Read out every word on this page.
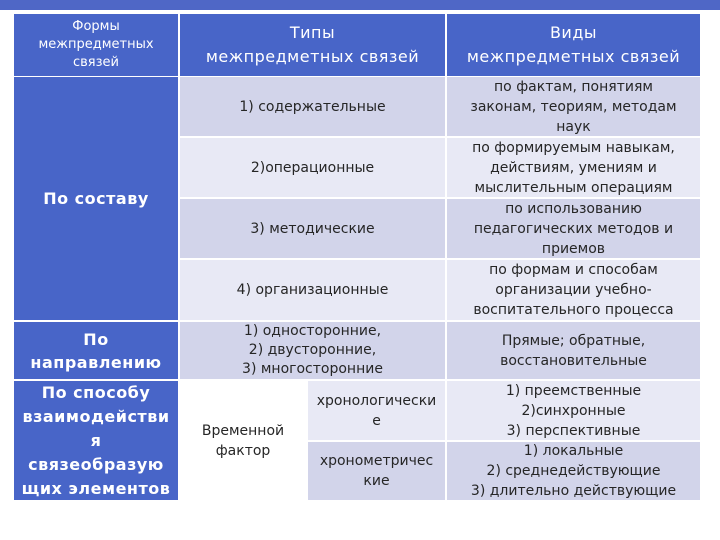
Формы
межпредметных
связей
Типы
межпредметных связей
Виды
межпредметных связей
По составу
1) содержательные
по фактам, понятиям
законам, теориям, методам
наук
2)операционные
по формируемым навыкам,
действиям, умениям и
мыслительным операциям
3) методические
по использованию
педагогических методов и
приемов
4) организационные
по формам и способам
организации учебно-
воспитательного процесса
По
направлению
1) односторонние,
2) двусторонние,
3) многосторонние
Прямые; обратные,
восстановительные
По способу
взаимодействи
я
связеобразую
щих элементов
Временной
фактор
хронологически
е
1) преемственные
2)синхронные
3) перспективные
хронометричес
кие
1) локальные
2) среднедействующие
3) длительно действующие
